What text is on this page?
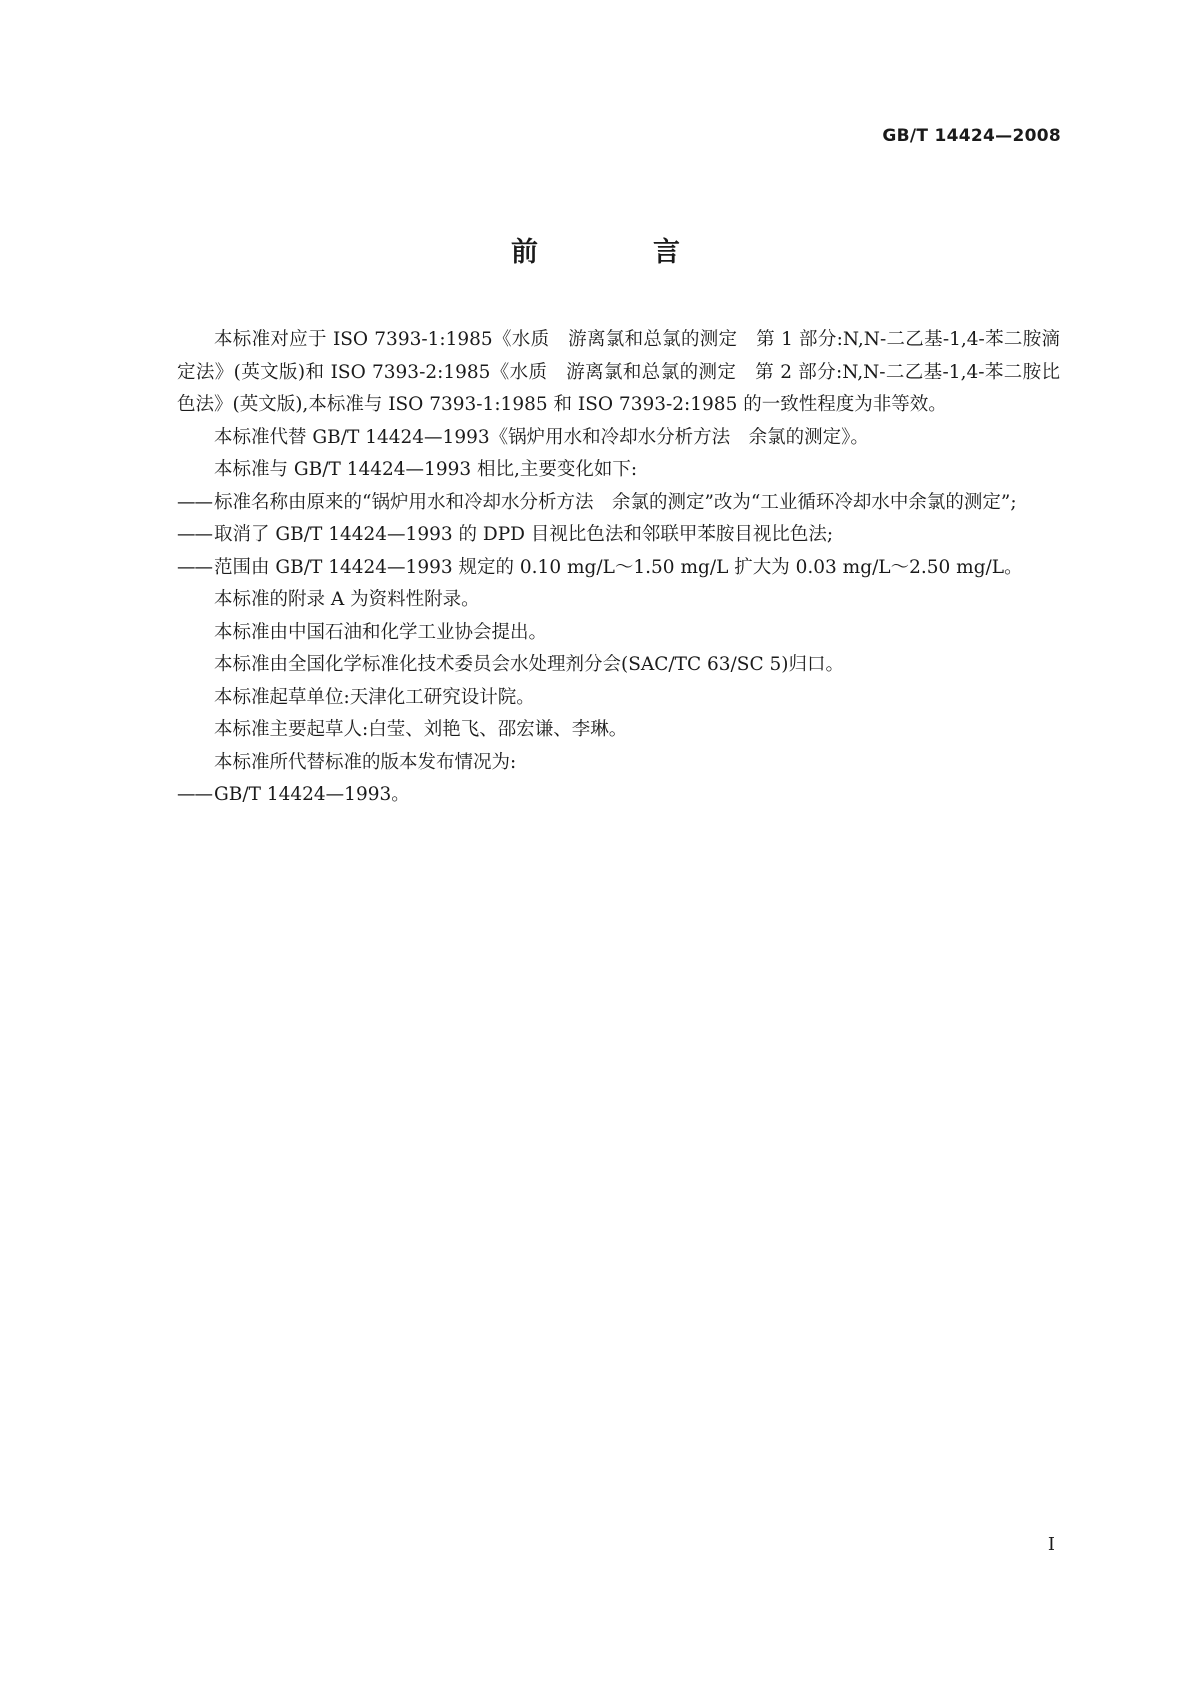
GB/T 14424—2008
前　言

本标准对应于 ISO 7393-1:1985《水质　游离氯和总氯的测定　第 1 部分:N,N-二乙基-1,4-苯二胺滴定法》(英文版)和 ISO 7393-2:1985《水质　游离氯和总氯的测定　第 2 部分:N,N-二乙基-1,4-苯二胺比色法》(英文版),本标准与 ISO 7393-1:1985 和 ISO 7393-2:1985 的一致性程度为非等效。

本标准代替 GB/T 14424—1993《锅炉用水和冷却水分析方法　余氯的测定》。

本标准与 GB/T 14424—1993 相比,主要变化如下:

—— 标准名称由原来的“锅炉用水和冷却水分析方法　余氯的测定”改为“工业循环冷却水中余氯的测定”;

—— 取消了 GB/T 14424—1993 的 DPD 目视比色法和邻联甲苯胺目视比色法;

—— 范围由 GB/T 14424—1993 规定的 0.10 mg/L～1.50 mg/L 扩大为 0.03 mg/L～2.50 mg/L。

本标准的附录 A 为资料性附录。

本标准由中国石油和化学工业协会提出。

本标准由全国化学标准化技术委员会水处理剂分会(SAC/TC 63/SC 5)归口。

本标准起草单位:天津化工研究设计院。

本标准主要起草人:白莹、刘艳飞、邵宏谦、李琳。

本标准所代替标准的版本发布情况为:

—— GB/T 14424—1993。

I
